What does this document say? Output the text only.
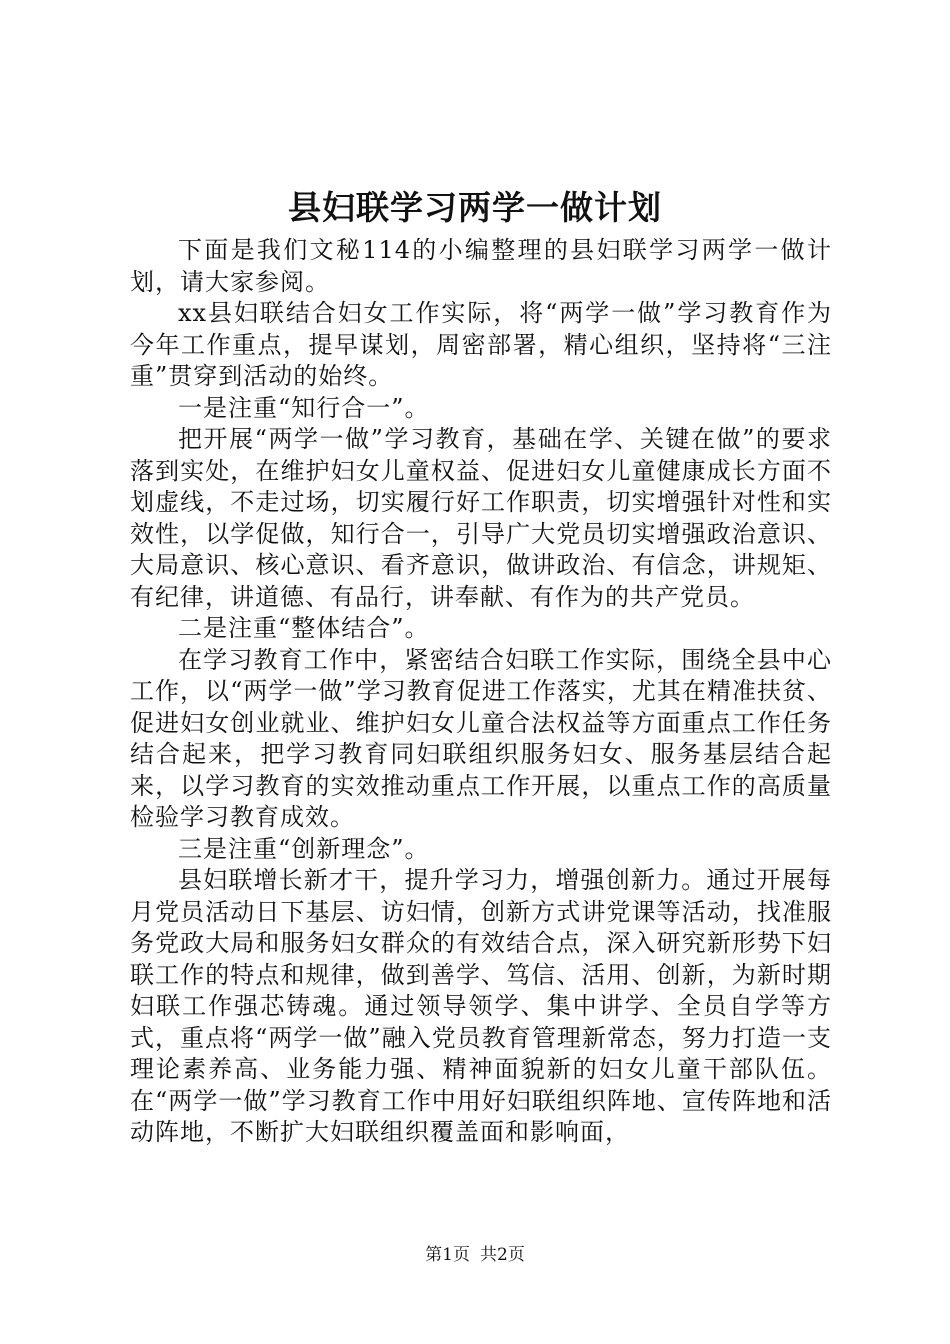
县妇联学习两学一做计划

下面是我们文秘114的小编整理的县妇联学习两学一做计划，请大家参阅。

xx县妇联结合妇女工作实际，将“两学一做”学习教育作为今年工作重点，提早谋划，周密部署，精心组织，坚持将“三注重”贯穿到活动的始终。

一是注重“知行合一”。

把开展“两学一做”学习教育，基础在学、关键在做”的要求落到实处，在维护妇女儿童权益、促进妇女儿童健康成长方面不划虚线，不走过场，切实履行好工作职责，切实增强针对性和实效性，以学促做，知行合一，引导广大党员切实增强政治意识、大局意识、核心意识、看齐意识，做讲政治、有信念，讲规矩、有纪律，讲道德、有品行，讲奉献、有作为的共产党员。

二是注重“整体结合”。

在学习教育工作中，紧密结合妇联工作实际，围绕全县中心工作，以“两学一做”学习教育促进工作落实，尤其在精准扶贫、促进妇女创业就业、维护妇女儿童合法权益等方面重点工作任务结合起来，把学习教育同妇联组织服务妇女、服务基层结合起来，以学习教育的实效推动重点工作开展，以重点工作的高质量检验学习教育成效。

三是注重“创新理念”。

县妇联增长新才干，提升学习力，增强创新力。通过开展每月党员活动日下基层、访妇情，创新方式讲党课等活动，找准服务党政大局和服务妇女群众的有效结合点，深入研究新形势下妇联工作的特点和规律，做到善学、笃信、活用、创新，为新时期妇联工作强芯铸魂。通过领导领学、集中讲学、全员自学等方式，重点将“两学一做”融入党员教育管理新常态，努力打造一支理论素养高、业务能力强、精神面貌新的妇女儿童干部队伍。在“两学一做”学习教育工作中用好妇联组织阵地、宣传阵地和活动阵地，不断扩大妇联组织覆盖面和影响面，

第1页 共2页
